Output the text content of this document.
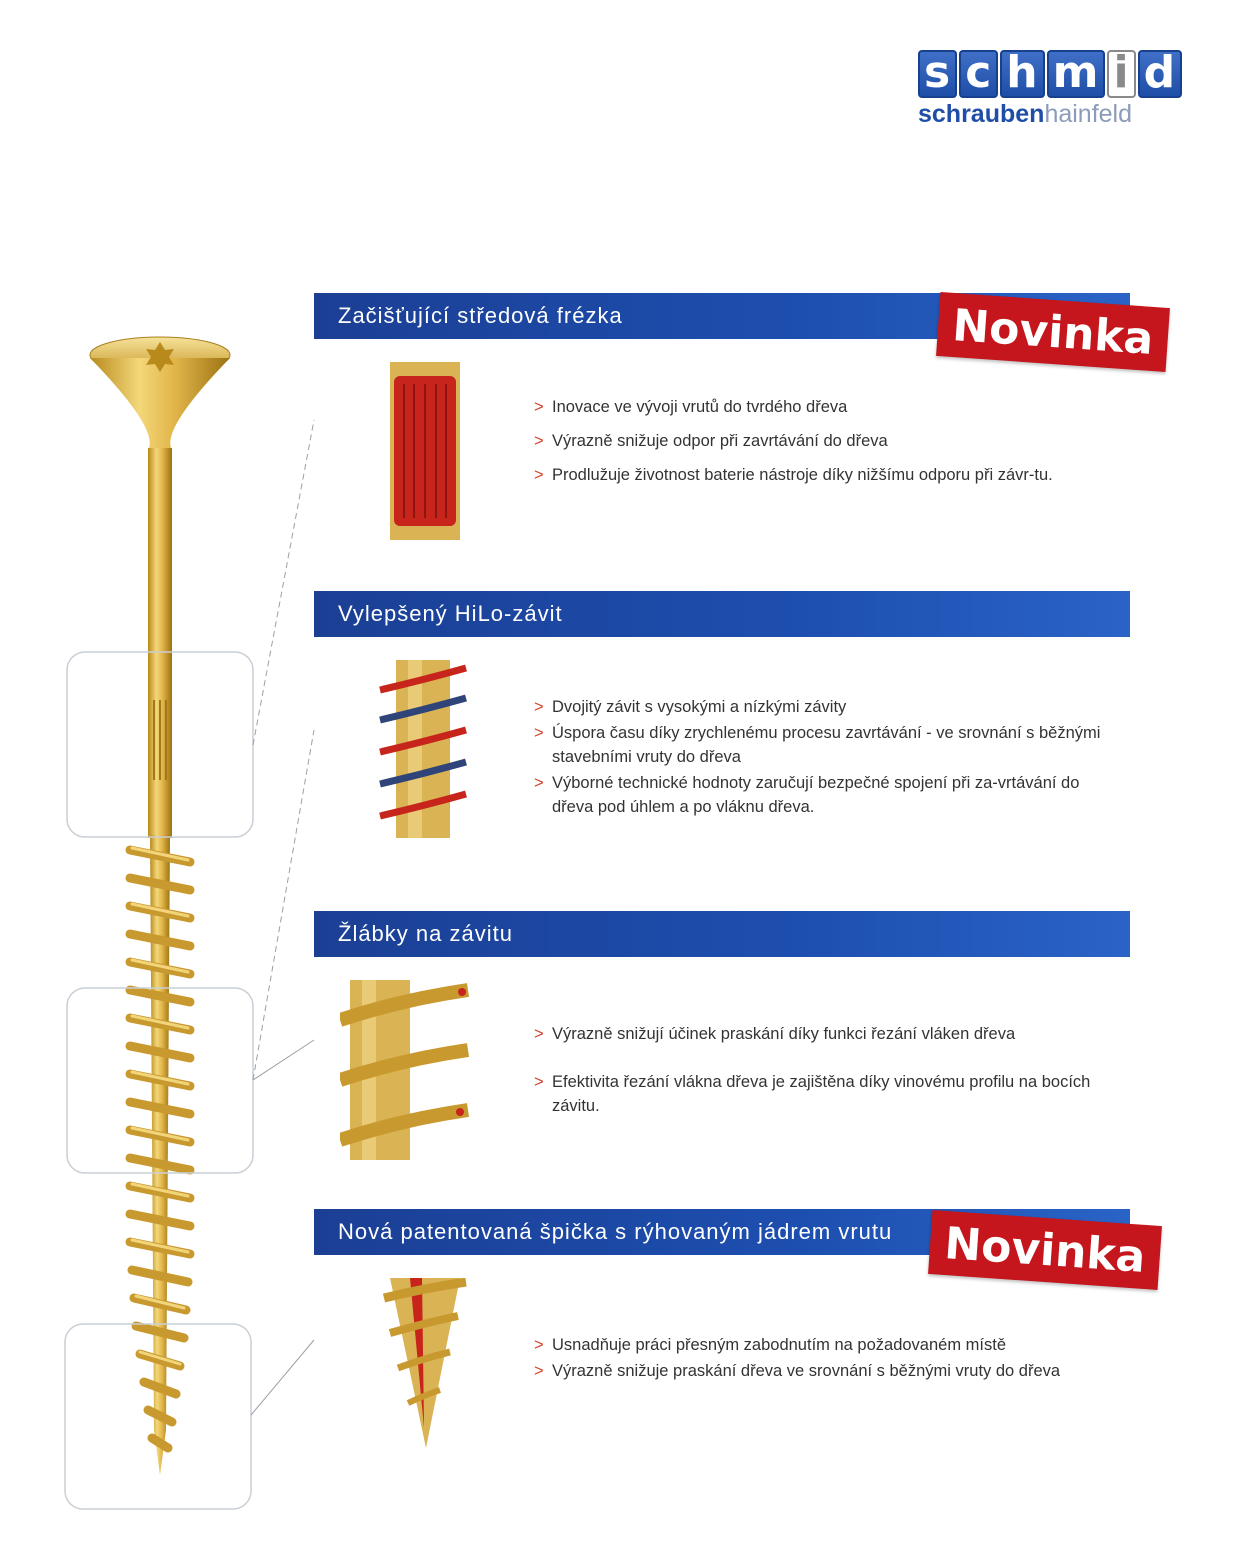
s c h m i d
schraubenhainfeld
Začišťující středová frézka	Novinka
> Inovace ve vývoji vrutů do tvrdého dřeva
> Výrazně snižuje odpor při zavrtávání do dřeva
> Prodlužuje životnost baterie nástroje díky nižšímu odporu při závr-tu.
Vylepšený HiLo-závit
> Dvojitý závit s vysokými a nízkými závity
> Úspora času díky zrychlenému procesu zavrtávání - ve srovnání s běžnými stavebními vruty do dřeva
> Výborné technické hodnoty zaručují bezpečné spojení při za-vrtávání do dřeva pod úhlem a po vláknu dřeva.
Žlábky na závitu
> Výrazně snižují účinek praskání díky funkci řezání vláken dřeva
> Efektivita řezání vlákna dřeva je zajištěna díky vinovému profilu na bocích závitu.
Nová patentovaná špička s rýhovaným jádrem vrutu Novinka
> Usnadňuje práci přesným zabodnutím na požadovaném místě
> Výrazně snižuje praskání dřeva ve srovnání s běžnými vruty do dřeva
